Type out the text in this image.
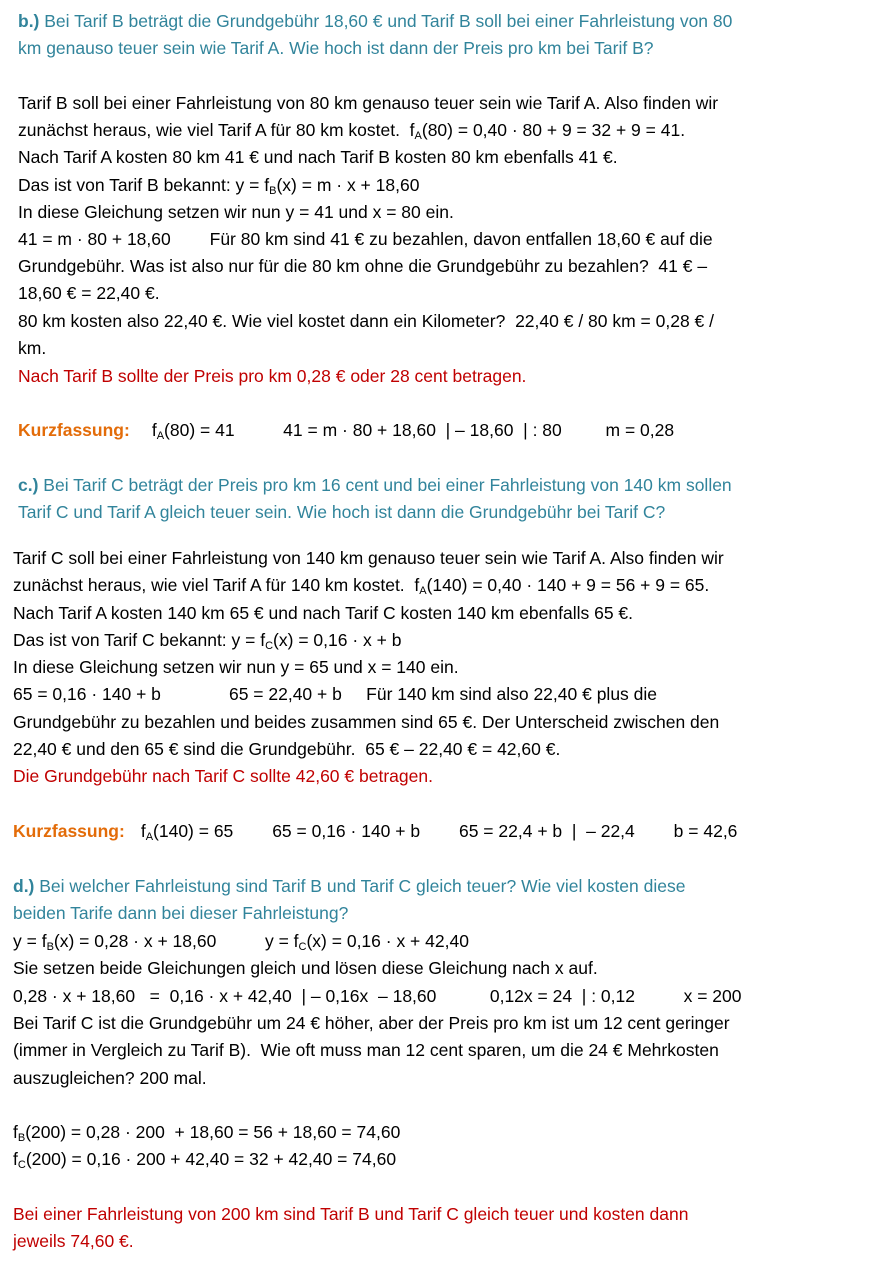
b.) Bei Tarif B beträgt die Grundgebühr 18,60 € und Tarif B soll bei einer Fahrleistung von 80
km genauso teuer sein wie Tarif A. Wie hoch ist dann der Preis pro km bei Tarif B?
Tarif B soll bei einer Fahrleistung von 80 km genauso teuer sein wie Tarif A. Also finden wir
zunächst heraus, wie viel Tarif A für 80 km kostet.  $f_A(80) = 0,40 \cdot 80 + 9 = 32 + 9 = 41$.
Nach Tarif A kosten 80 km 41 € und nach Tarif B kosten 80 km ebenfalls 41 €.
Das ist von Tarif B bekannt: $y = f_B(x) = m \cdot x + 18,60$
In diese Gleichung setzen wir nun y = 41 und x = 80 ein.
41 = m · 80 + 18,60        Für 80 km sind 41 € zu bezahlen, davon entfallen 18,60 € auf die
Grundgebühr. Was ist also nur für die 80 km ohne die Grundgebühr zu bezahlen?  41 € –
18,60 € = 22,40 €.
80 km kosten also 22,40 €. Wie viel kostet dann ein Kilometer?  22,40 € / 80 km = 0,28 € /
km.
Nach Tarif B sollte der Preis pro km 0,28 € oder 28 cent betragen.
Kurzfassung: $f_A(80) = 41$          41 = m · 80 + 18,60  | – 18,60  | : 80         m = 0,28
c.) Bei Tarif C beträgt der Preis pro km 16 cent und bei einer Fahrleistung von 140 km sollen
Tarif C und Tarif A gleich teuer sein. Wie hoch ist dann die Grundgebühr bei Tarif C?
Tarif C soll bei einer Fahrleistung von 140 km genauso teuer sein wie Tarif A. Also finden wir
zunächst heraus, wie viel Tarif A für 140 km kostet.  $f_A(140) = 0,40 \cdot 140 + 9 = 56 + 9 = 65$.
Nach Tarif A kosten 140 km 65 € und nach Tarif C kosten 140 km ebenfalls 65 €.
Das ist von Tarif C bekannt: $y = f_C(x) = 0,16 \cdot x + b$
In diese Gleichung setzen wir nun y = 65 und x = 140 ein.
65 = 0,16 · 140 + b              65 = 22,40 + b     Für 140 km sind also 22,40 € plus die
Grundgebühr zu bezahlen und beides zusammen sind 65 €. Der Unterscheid zwischen den
22,40 € und den 65 € sind die Grundgebühr.  65 € – 22,40 € = 42,60 €.
Die Grundgebühr nach Tarif C sollte 42,60 € betragen.
Kurzfassung: $f_A(140) = 65$        65 = 0,16 · 140 + b        65 = 22,4 + b  |  – 22,4        b = 42,6
d.) Bei welcher Fahrleistung sind Tarif B und Tarif C gleich teuer? Wie viel kosten diese
beiden Tarife dann bei dieser Fahrleistung?
$y = f_B(x) = 0,28 \cdot x + 18,60$          $y = f_C(x) = 0,16 \cdot x + 42,40$
Sie setzen beide Gleichungen gleich und lösen diese Gleichung nach x auf.
0,28 · x + 18,60   =  0,16 · x + 42,40  | – 0,16x  – 18,60           0,12x = 24  | : 0,12          x = 200
Bei Tarif C ist die Grundgebühr um 24 € höher, aber der Preis pro km ist um 12 cent geringer
(immer in Vergleich zu Tarif B).  Wie oft muss man 12 cent sparen, um die 24 € Mehrkosten
auszugleichen? 200 mal.
$f_B(200) = 0,28 \cdot 200 + 18,60 = 56 + 18,60 = 74,60$
$f_C(200) = 0,16 \cdot 200 + 42,40 = 32 + 42,40 = 74,60$
Bei einer Fahrleistung von 200 km sind Tarif B und Tarif C gleich teuer und kosten dann
jeweils 74,60 €.
